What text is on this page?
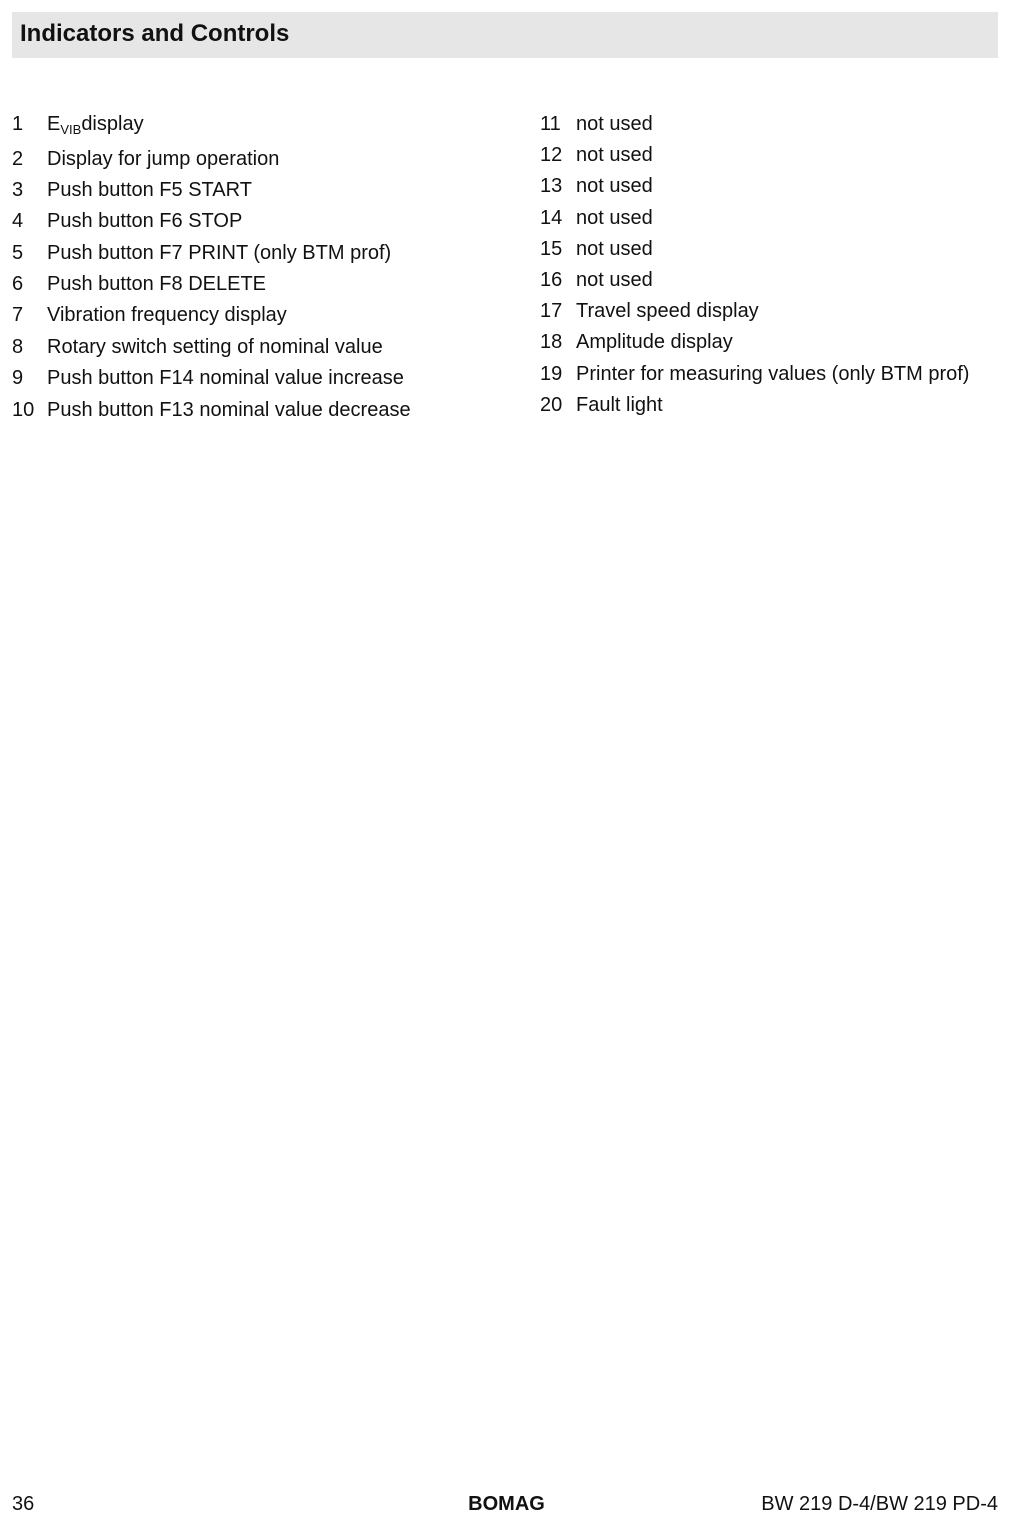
Indicators and Controls
1	$E_{VIB}display$
2	Display for jump operation
3	Push button F5 START
4	Push button F6 STOP
5	Push button F7 PRINT (only BTM prof)
6	Push button F8 DELETE
7	Vibration frequency display
8	Rotary switch setting of nominal value
9	Push button F14 nominal value increase
10 Push button F13 nominal value decrease
11 not used
12 not used
13 not used
14 not used
15 not used
16 not used
17 Travel speed display
18 Amplitude display
19 Printer for measuring values (only BTM prof)
20 Fault light
36	BOMAG	BW 219 D-4/BW 219 PD-4
